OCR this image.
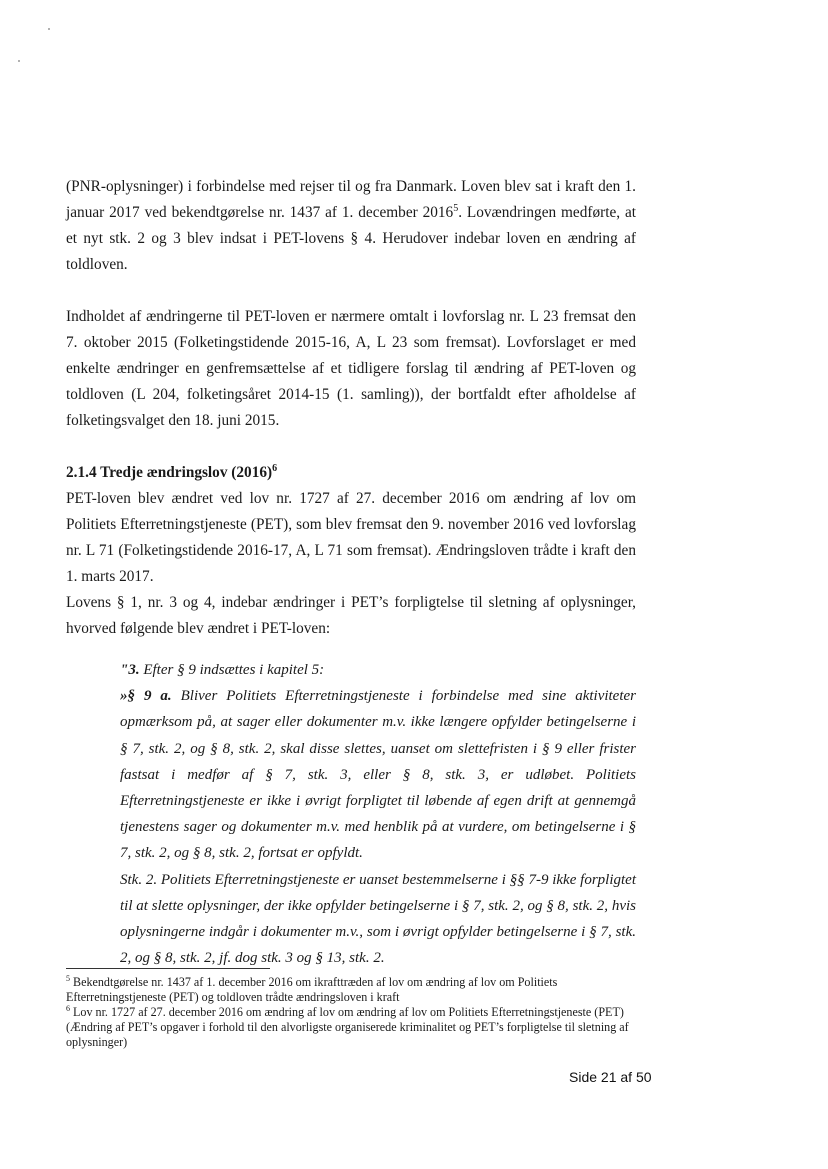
(PNR-oplysninger) i forbindelse med rejser til og fra Danmark. Loven blev sat i kraft den 1. januar 2017 ved bekendtgørelse nr. 1437 af 1. december 2016$^5$. Lovændringen medførte, at et nyt stk. 2 og 3 blev indsat i PET-lovens § 4. Herudover indebar loven en ændring af toldloven.

Indholdet af ændringerne til PET-loven er nærmere omtalt i lovforslag nr. L 23 fremsat den 7. oktober 2015 (Folketingstidende 2015-16, A, L 23 som fremsat). Lovforslaget er med enkelte ændringer en genfremsættelse af et tidligere forslag til ændring af PET-loven og toldloven (L 204, folketingsåret 2014-15 (1. samling)), der bortfaldt efter afholdelse af folketingsvalget den 18. juni 2015.

2.1.4 Tredje ændringslov $(2016)^6$

PET-loven blev ændret ved lov nr. 1727 af 27. december 2016 om ændring af lov om Politiets Efterretningstjeneste (PET), som blev fremsat den 9. november 2016 ved lovforslag nr. L 71 (Folketingstidende 2016-17, A, L 71 som fremsat). Ændringsloven trådte i kraft den 1. marts 2017.

Lovens § 1, nr. 3 og 4, indebar ændringer i PET’s forpligtelse til sletning af oplysninger, hvorved følgende blev ændret i PET-loven:

"3. Efter § 9 indsættes i kapitel 5:

»§ 9 a. Bliver Politiets Efterretningstjeneste i forbindelse med sine aktiviteter opmærksom på, at sager eller dokumenter m.v. ikke længere opfylder betingelserne i § 7, stk. 2, og § 8, stk. 2, skal disse slettes, uanset om slettefristen i § 9 eller frister fastsat i medfør af § 7, stk. 3, eller § 8, stk. 3, er udløbet. Politiets Efterretningstjeneste er ikke i øvrigt forpligtet til løbende af egen drift at gennemgå tjenestens sager og dokumenter m.v. med henblik på at vurdere, om betingelserne i § 7, stk. 2, og § 8, stk. 2, fortsat er opfyldt.

Stk. 2. Politiets Efterretningstjeneste er uanset bestemmelserne i §§ 7-9 ikke forpligtet til at slette oplysninger, der ikke opfylder betingelserne i § 7, stk. 2, og § 8, stk. 2, hvis oplysningerne indgår i dokumenter m.v., som i øvrigt opfylder betingelserne i § 7, stk. 2, og § 8, stk. 2, jf. dog stk. 3 og § 13, stk. 2.

$^5$ Bekendtgørelse nr. 1437 af 1. december 2016 om ikrafttræden af lov om ændring af lov om Politiets Efterretningstjeneste (PET) og toldloven trådte ændringsloven i kraft

$^6$ Lov nr. 1727 af 27. december 2016 om ændring af lov om ændring af lov om Politiets Efterretningstjeneste (PET) (Ændring af PET’s opgaver i forhold til den alvorligste organiserede kriminalitet og PET’s forpligtelse til sletning af oplysninger)

Side 21 af 50
